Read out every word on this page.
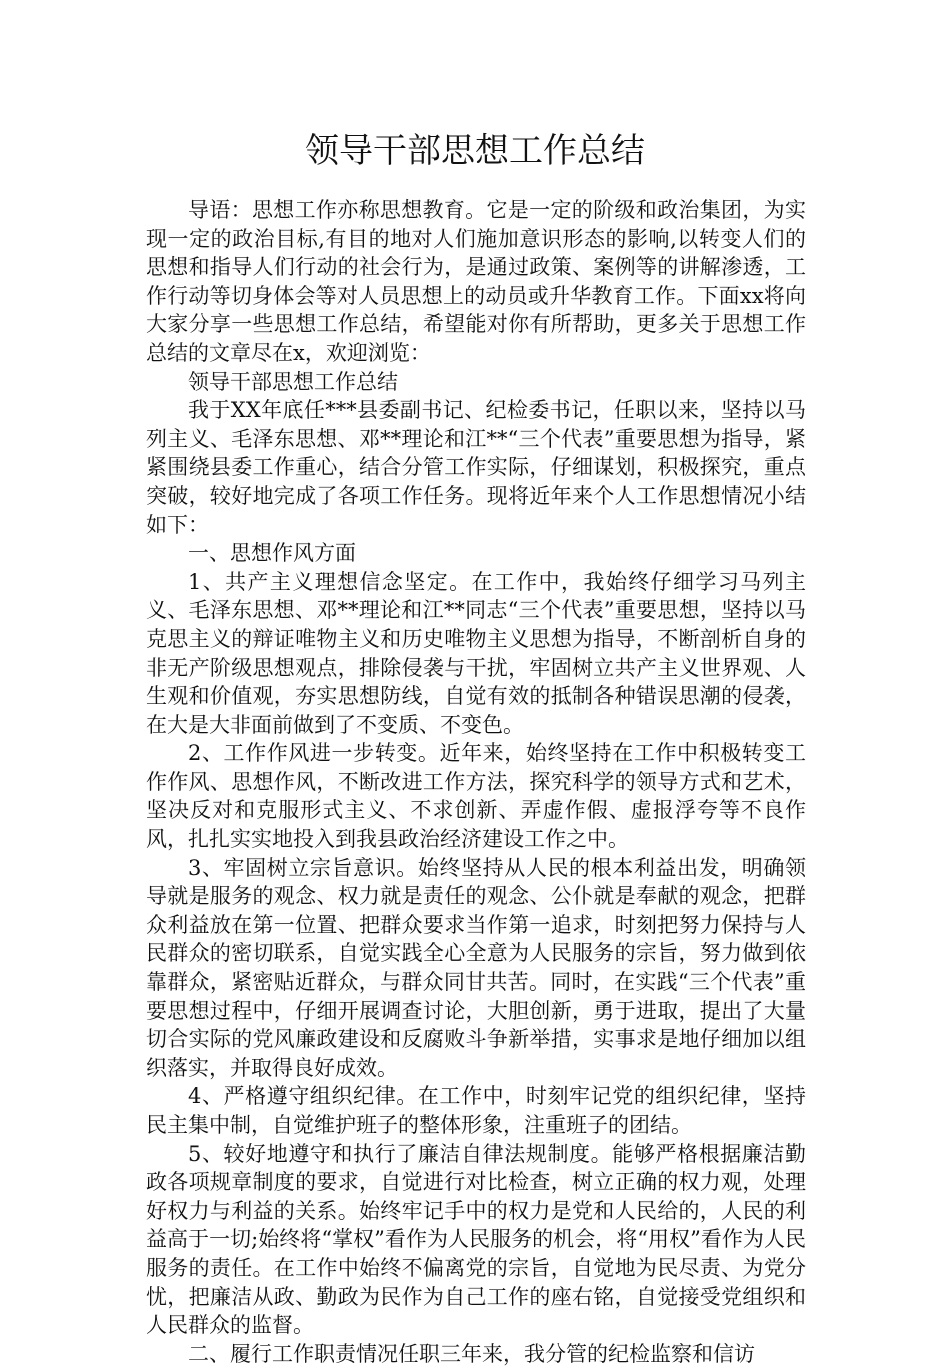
领导干部思想工作总结

导语：思想工作亦称思想教育。它是一定的阶级和政治集团，为实现一定的政治目标,有目的地对人们施加意识形态的影响,以转变人们的思想和指导人们行动的社会行为，是通过政策、案例等的讲解渗透，工作行动等切身体会等对人员思想上的动员或升华教育工作。下面xx将向大家分享一些思想工作总结，希望能对你有所帮助，更多关于思想工作总结的文章尽在x，欢迎浏览：

领导干部思想工作总结

我于XX年底任***县委副书记、纪检委书记，任职以来，坚持以马列主义、毛泽东思想、邓**理论和江**“三个代表”重要思想为指导，紧紧围绕县委工作重心，结合分管工作实际，仔细谋划，积极探究，重点突破，较好地完成了各项工作任务。现将近年来个人工作思想情况小结如下：

一、思想作风方面

1、共产主义理想信念坚定。在工作中，我始终仔细学习马列主义、毛泽东思想、邓**理论和江**同志“三个代表”重要思想，坚持以马克思主义的辩证唯物主义和历史唯物主义思想为指导，不断剖析自身的非无产阶级思想观点，排除侵袭与干扰，牢固树立共产主义世界观、人生观和价值观，夯实思想防线，自觉有效的抵制各种错误思潮的侵袭，在大是大非面前做到了不变质、不变色。

2、工作作风进一步转变。近年来，始终坚持在工作中积极转变工作作风、思想作风，不断改进工作方法，探究科学的领导方式和艺术，坚决反对和克服形式主义、不求创新、弄虚作假、虚报浮夸等不良作风，扎扎实实地投入到我县政治经济建设工作之中。

3、牢固树立宗旨意识。始终坚持从人民的根本利益出发，明确领导就是服务的观念、权力就是责任的观念、公仆就是奉献的观念，把群众利益放在第一位置、把群众要求当作第一追求，时刻把努力保持与人民群众的密切联系，自觉实践全心全意为人民服务的宗旨，努力做到依靠群众，紧密贴近群众，与群众同甘共苦。同时，在实践“三个代表”重要思想过程中，仔细开展调查讨论，大胆创新，勇于进取，提出了大量切合实际的党风廉政建设和反腐败斗争新举措，实事求是地仔细加以组织落实，并取得良好成效。

4、严格遵守组织纪律。在工作中，时刻牢记党的组织纪律，坚持民主集中制，自觉维护班子的整体形象，注重班子的团结。

5、较好地遵守和执行了廉洁自律法规制度。能够严格根据廉洁勤政各项规章制度的要求，自觉进行对比检查，树立正确的权力观，处理好权力与利益的关系。始终牢记手中的权力是党和人民给的，人民的利益高于一切;始终将“掌权”看作为人民服务的机会，将“用权”看作为人民服务的责任。在工作中始终不偏离党的宗旨，自觉地为民尽责、为党分忧，把廉洁从政、勤政为民作为自己工作的座右铭，自觉接受党组织和人民群众的监督。

二、履行工作职责情况任职三年来，我分管的纪检监察和信访
